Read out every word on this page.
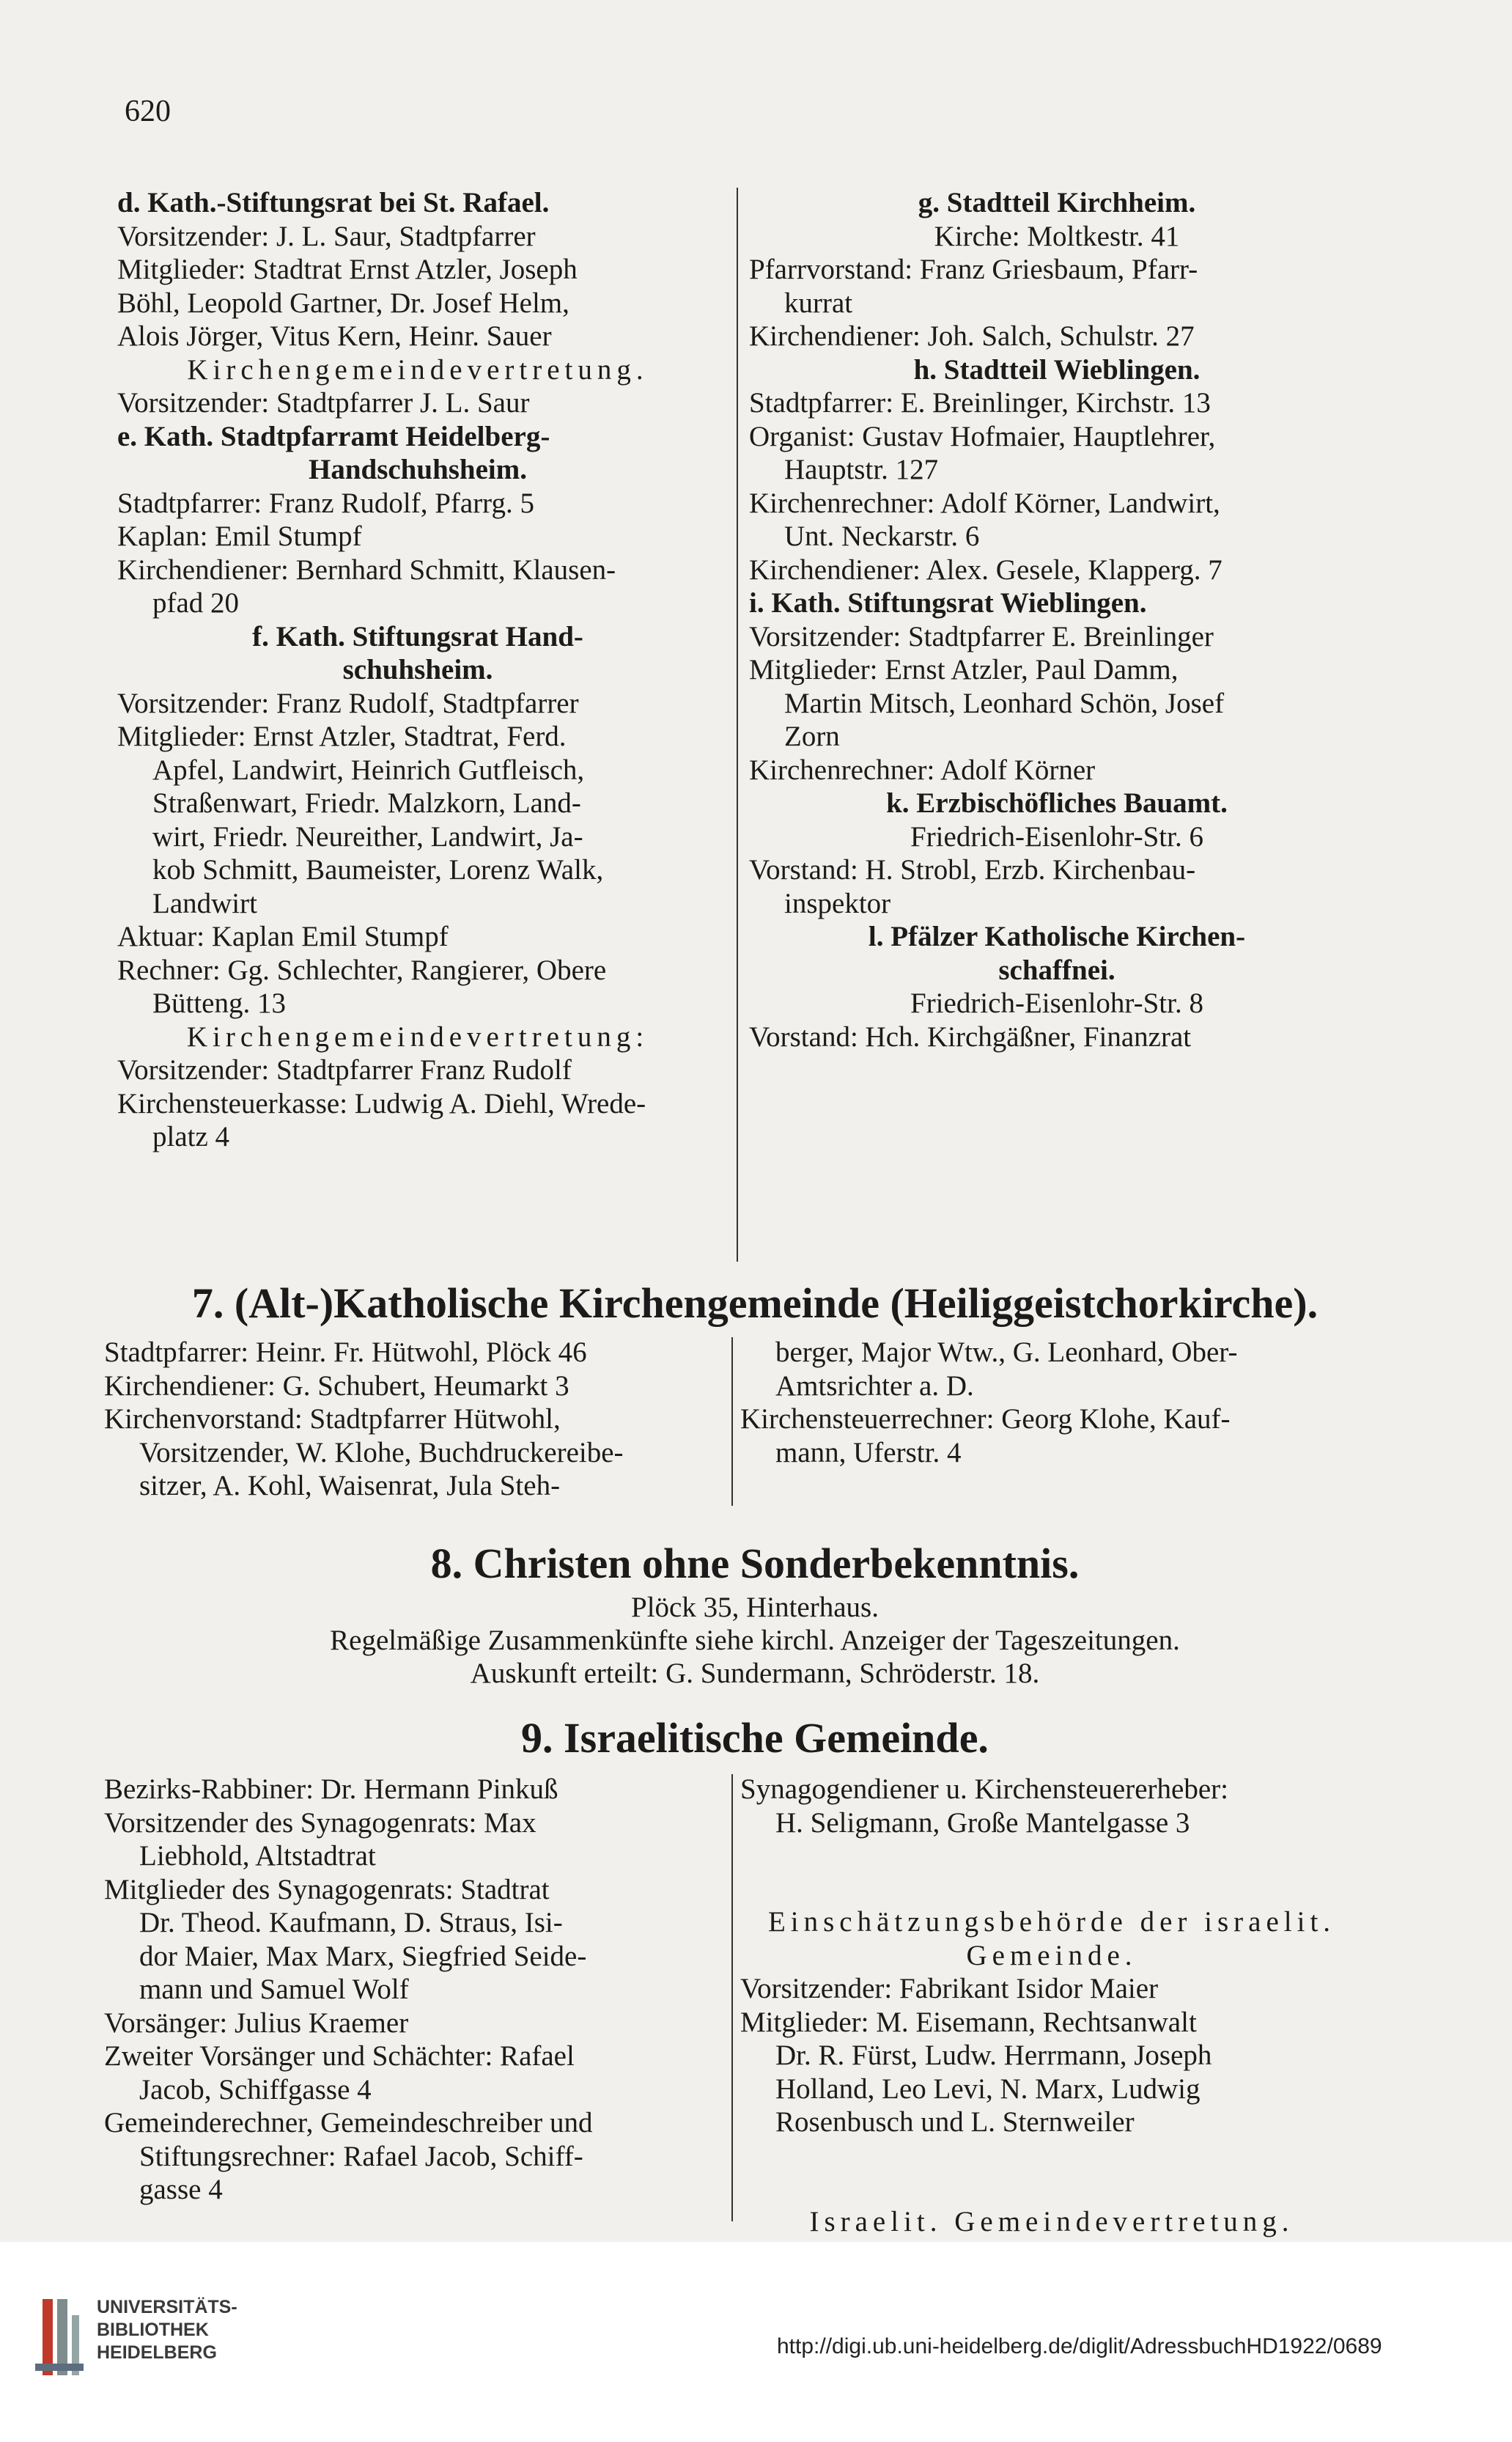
620

d. Kath.-Stiftungsrat bei St. Rafael.

Vorsitzender: J. L. Saur, Stadtpfarrer

Mitglieder: Stadtrat Ernst Atzler, Joseph

Böhl, Leopold Gartner, Dr. Josef Helm,

Alois Jörger, Vitus Kern, Heinr. Sauer

Kirchengemeindevertretung.

Vorsitzender: Stadtpfarrer J. L. Saur

e. Kath. Stadtpfarramt Heidelberg-

Handschuhsheim.

Stadtpfarrer: Franz Rudolf, Pfarrg. 5

Kaplan: Emil Stumpf

Kirchendiener: Bernhard Schmitt, Klausen-

pfad 20

f. Kath. Stiftungsrat Hand-

schuhsheim.

Vorsitzender: Franz Rudolf, Stadtpfarrer

Mitglieder: Ernst Atzler, Stadtrat, Ferd.

Apfel, Landwirt, Heinrich Gutfleisch,

Straßenwart, Friedr. Malzkorn, Land-

wirt, Friedr. Neureither, Landwirt, Ja-

kob Schmitt, Baumeister, Lorenz Walk,

Landwirt

Aktuar: Kaplan Emil Stumpf

Rechner: Gg. Schlechter, Rangierer, Obere

Bütteng. 13

Kirchengemeindevertretung:

Vorsitzender: Stadtpfarrer Franz Rudolf

Kirchensteuerkasse: Ludwig A. Diehl, Wrede-

platz 4

g. Stadtteil Kirchheim.

Kirche: Moltkestr. 41

Pfarrvorstand: Franz Griesbaum, Pfarr-

kurrat

Kirchendiener: Joh. Salch, Schulstr. 27

h. Stadtteil Wieblingen.

Stadtpfarrer: E. Breinlinger, Kirchstr. 13

Organist: Gustav Hofmaier, Hauptlehrer,

Hauptstr. 127

Kirchenrechner: Adolf Körner, Landwirt,

Unt. Neckarstr. 6

Kirchendiener: Alex. Gesele, Klapperg. 7

i. Kath. Stiftungsrat Wieblingen.

Vorsitzender: Stadtpfarrer E. Breinlinger

Mitglieder: Ernst Atzler, Paul Damm,

Martin Mitsch, Leonhard Schön, Josef

Zorn

Kirchenrechner: Adolf Körner

k. Erzbischöfliches Bauamt.

Friedrich-Eisenlohr-Str. 6

Vorstand: H. Strobl, Erzb. Kirchenbau-

inspektor

l. Pfälzer Katholische Kirchen-

schaffnei.

Friedrich-Eisenlohr-Str. 8

Vorstand: Hch. Kirchgäßner, Finanzrat

7. (Alt-)Katholische Kirchengemeinde (Heiliggeistchorkirche).

Stadtpfarrer: Heinr. Fr. Hütwohl, Plöck 46

Kirchendiener: G. Schubert, Heumarkt 3

Kirchenvorstand: Stadtpfarrer Hütwohl,

Vorsitzender, W. Klohe, Buchdruckereibe-

sitzer, A. Kohl, Waisenrat, Jula Steh-

berger, Major Wtw., G. Leonhard, Ober-

Amtsrichter a. D.

Kirchensteuerrechner: Georg Klohe, Kauf-

mann, Uferstr. 4

8. Christen ohne Sonderbekenntnis.
Plöck 35, Hinterhaus.
Regelmäßige Zusammenkünfte siehe kirchl. Anzeiger der Tageszeitungen.
Auskunft erteilt: G. Sundermann, Schröderstr. 18.
9. Israelitische Gemeinde.

Bezirks-Rabbiner: Dr. Hermann Pinkuß

Vorsitzender des Synagogenrats: Max

Liebhold, Altstadtrat

Mitglieder des Synagogenrats: Stadtrat

Dr. Theod. Kaufmann, D. Straus, Isi-

dor Maier, Max Marx, Siegfried Seide-

mann und Samuel Wolf

Vorsänger: Julius Kraemer

Zweiter Vorsänger und Schächter: Rafael

Jacob, Schiffgasse 4

Gemeinderechner, Gemeindeschreiber und

Stiftungsrechner: Rafael Jacob, Schiff-

gasse 4

Synagogendiener u. Kirchensteuererheber:

H. Seligmann, Große Mantelgasse 3

Einschätzungsbehörde der israelit.

Gemeinde.

Vorsitzender: Fabrikant Isidor Maier

Mitglieder: M. Eisemann, Rechtsanwalt

Dr. R. Fürst, Ludw. Herrmann, Joseph

Holland, Leo Levi, N. Marx, Ludwig

Rosenbusch und L. Sternweiler

Israelit. Gemeindevertretung.

UNIVERSITÄTS-
BIBLIOTHEK
HEIDELBERG	http://digi.ub.uni-heidelberg.de/diglit/AdressbuchHD1922/0689
